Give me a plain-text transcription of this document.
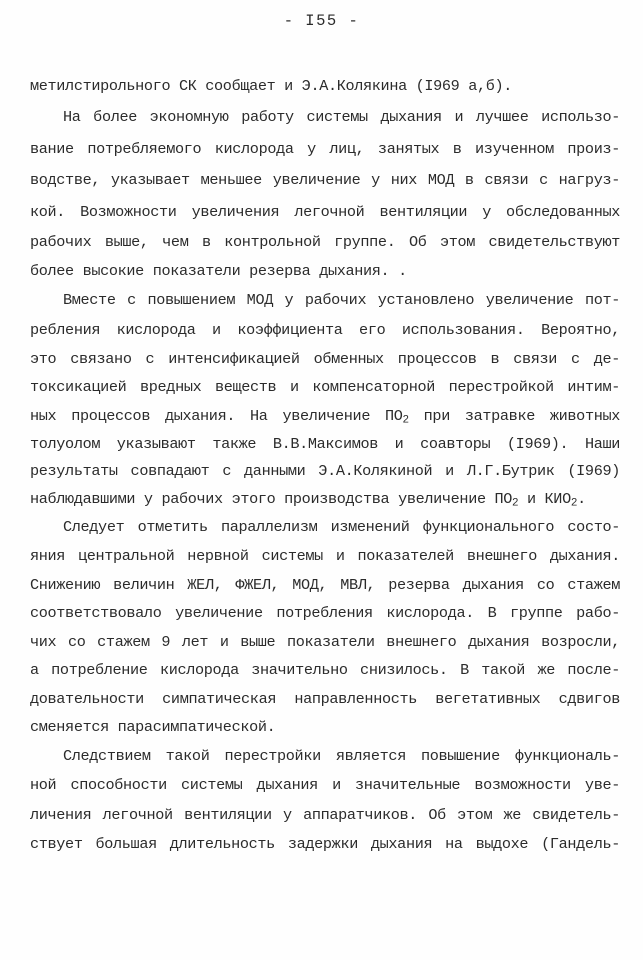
- I55 -
метилстирольного СК сообщает и Э.А.Колякина (I969 а,б).
На более экономную работу системы дыхания и лучшее использо-
вание потребляемого кислорода у лиц, занятых в изученном произ-
водстве, указывает меньшее увеличение у них МОД в связи с нагруз-
кой. Возможности увеличения легочной вентиляции у обследованных
рабочих выше, чем в контрольной группе. Об этом свидетельствуют
более высокие показатели резерва дыхания. .
Вместе с повышением МОД у рабочих установлено увеличение пот-
ребления кислорода и коэффициента его использования. Вероятно,
это связано с интенсификацией обменных процессов в связи с де-
токсикацией вредных веществ и компенсаторной перестройкой интим-
ных процессов дыхания. На увеличение $ПО_2$ при затравке животных
толуолом указывают также В.В.Максимов и соавторы (I969). Наши
результаты совпадают с данными Э.А.Колякиной и Л.Г.Бутрик (I969)
наблюдавшими у рабочих этого производства увеличение $ПО_2$ и $КИО_2$.
Следует отметить параллелизм изменений функционального состо-
яния центральной нервной системы и показателей внешнего дыхания.
Снижению величин ЖЕЛ, ФЖЕЛ, МОД, МВЛ, резерва дыхания со стажем
соответствовало увеличение потребления кислорода. В группе рабо-
чих со стажем 9 лет и выше показатели внешнего дыхания возросли,
а потребление кислорода значительно снизилось. В такой же после-
довательности симпатическая направленность вегетативных сдвигов
сменяется парасимпатической.
Следствием такой перестройки является повышение функциональ-
ной способности системы дыхания и значительные возможности уве-
личения легочной вентиляции у аппаратчиков. Об этом же свидетель-
ствует большая длительность задержки дыхания на выдохе (Гандель-
